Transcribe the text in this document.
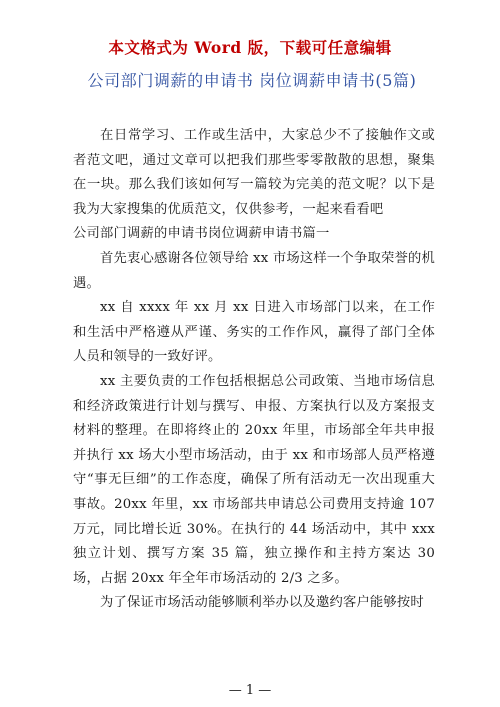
本文格式为 Word 版，下载可任意编辑
公司部门调薪的申请书 岗位调薪申请书(5篇)

在日常学习、工作或生活中，大家总少不了接触作文或者范文吧，通过文章可以把我们那些零零散散的思想，聚集在一块。那么我们该如何写一篇较为完美的范文呢？以下是我为大家搜集的优质范文，仅供参考，一起来看看吧

公司部门调薪的申请书岗位调薪申请书篇一

首先衷心感谢各位领导给 xx 市场这样一个争取荣誉的机遇。

xx 自 xxxx 年 xx 月 xx 日进入市场部门以来，在工作和生活中严格遵从严谨、务实的工作作风，赢得了部门全体人员和领导的一致好评。

xx 主要负责的工作包括根据总公司政策、当地市场信息和经济政策进行计划与撰写、申报、方案执行以及方案报支材料的整理。在即将终止的 20xx 年里，市场部全年共申报并执行 xx 场大小型市场活动，由于 xx 和市场部人员严格遵守“事无巨细”的工作态度，确保了所有活动无一次出现重大事故。20xx 年里，xx 市场部共申请总公司费用支持逾 107 万元，同比增长近 30%。在执行的 44 场活动中，其中 xxx 独立计划、撰写方案 35 篇，独立操作和主持方案达 30 场，占据 20xx 年全年市场活动的 2/3 之多。

为了保证市场活动能够顺利举办以及邀约客户能够按时

— 1 —
